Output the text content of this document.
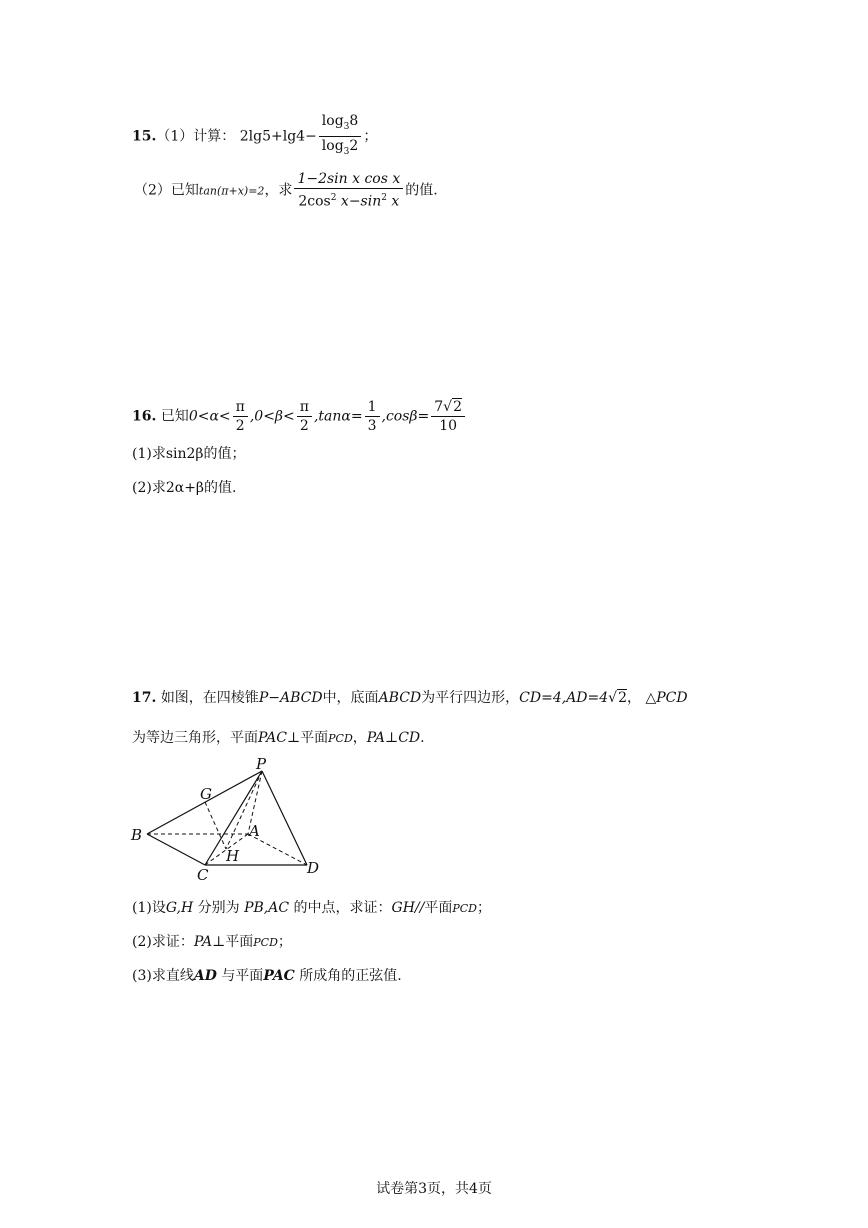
15.（1）计算： $2\lg 5+\lg 4- \frac{\log_38}{\log_32}$ ；
（2）已知tan(π+x)=2，求 $\frac{\text{1−2sin x cos x}}{2\cos^2 x-\sin^2 x}$ 的值.
16. 已知$0<\alpha< \frac{\pi}{2} ,0<\beta< \frac{\pi}{2} ,\tan\alpha= \frac{1}{3} ,\cos\beta= \frac{7√2}{10}$
(1)求sin2β的值；
(2)求2α+β的值.
17. 如图，在四棱锥P−ABCD中，底面ABCD为平行四边形，CD=4,AD=4√2， △PCD
为等边三角形，平面PAC⊥平面PCD，PA⊥CD.
P
G
B	A
H
C	D
(1)设G,H 分别为 PB,AC 的中点，求证：GH//平面PCD；
(2)求证：PA⊥平面PCD；
(3)求直线AD 与平面PAC 所成角的正弦值.
试卷第3页，共4页
